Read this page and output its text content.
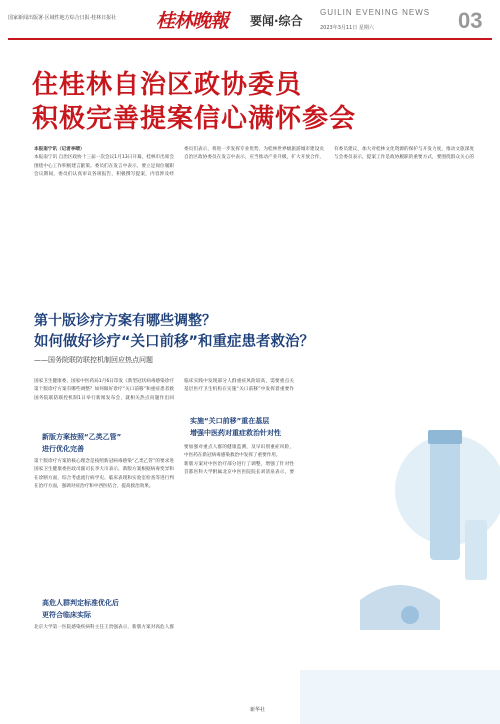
国家新闻出版署·区域性地方综合日报·桂林日报社 桂林晚報 要闻·综合
GUILIN EVENING NEWS
2023年3月11日 星期六	03
住桂林自治区政协委员
积极完善提案信心满怀参会
本报南宁讯（记者李晴）
本报南宁讯 自治区政协十三届一次会议1月13日开幕，桂林市出席会
围绕中心工作积极建言献策。委员们在发言中表示，要立足岗位履职
会议期间，委员们认真审议各项报告，积极撰写提案，内容涉及经
委员们表示，将进一步发挥专业优势，为桂林世界级旅游城市建设贡
自治区政协委员在发言中表示，应当推动产业升级，扩大开放合作，
有委员建议，加大对桂林文化资源的保护与开发力度，推动文旅深度
与会委员表示，提案工作是政协履职的重要方式，要围绕群众关心的
第十版诊疗方案有哪些调整？
如何做好诊疗“关口前移”和重症患者救治？
——国务院联防联控机制回应热点问题
国家卫生健康委、国家中医药局1月6日印发《新型冠状病毒感染诊疗
第十版诊疗方案有哪些调整？如何做好诊疗“关口前移”和重症患者救
国务院联防联控机制1日举行新闻发布会，就相关热点问题作出回
新版方案按照“乙类乙管”
进行优化完善
第十版诊疗方案的核心理念是按照新冠病毒感染“乙类乙管”的要求进
国家卫生健康委医政司副司长李大川表示，新版方案根据病毒变异和
在诊断方面，综合考虑流行病学史、临床表现和实验室检查等进行判
在治疗方面，强调对症治疗和中西医结合，提高救治效果。
高危人群判定标准优化后
更符合临床实际
北京大学第一医院感染疾病科主任王贵强表示，新版方案对高危人群
临床实践中发现部分人群重症风险较高，需要重点关
基层医疗卫生机构在实施“关口前移”中发挥着重要作
实施“关口前移”重在基层
增强中医药对重症救治针对性
要加强对重点人群的健康监测，及早识别重症风险，
中医药在新冠病毒感染救治中发挥了重要作用。
新版方案对中医治疗部分进行了调整，增强了针对性
首都医科大学附属北京中医医院院长刘清泉表示，要
新华社
